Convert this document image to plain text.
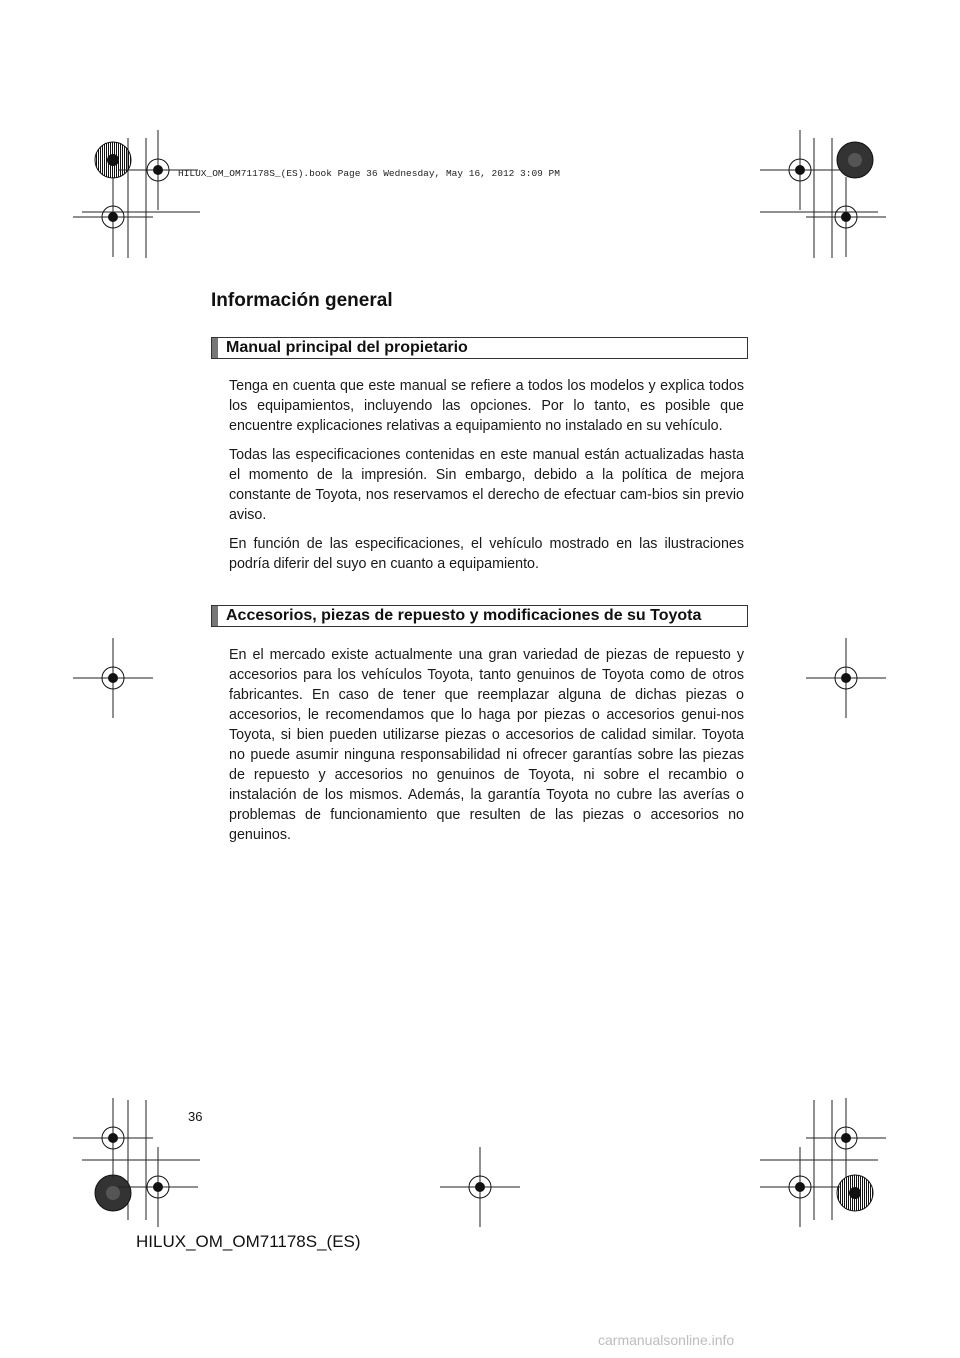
HILUX_OM_OM71178S_(ES).book Page 36 Wednesday, May 16, 2012 3:09 PM
Información general
Manual principal del propietario

Tenga en cuenta que este manual se refiere a todos los modelos y explica todos los equipamientos, incluyendo las opciones. Por lo tanto, es posible que encuentre explicaciones relativas a equipamiento no instalado en su vehículo.

Todas las especificaciones contenidas en este manual están actualizadas hasta el momento de la impresión. Sin embargo, debido a la política de mejora constante de Toyota, nos reservamos el derecho de efectuar cam-bios sin previo aviso.

En función de las especificaciones, el vehículo mostrado en las ilustraciones podría diferir del suyo en cuanto a equipamiento.

Accesorios, piezas de repuesto y modificaciones de su Toyota

En el mercado existe actualmente una gran variedad de piezas de repuesto y accesorios para los vehículos Toyota, tanto genuinos de Toyota como de otros fabricantes. En caso de tener que reemplazar alguna de dichas piezas o accesorios, le recomendamos que lo haga por piezas o accesorios genui-nos Toyota, si bien pueden utilizarse piezas o accesorios de calidad similar. Toyota no puede asumir ninguna responsabilidad ni ofrecer garantías sobre las piezas de repuesto y accesorios no genuinos de Toyota, ni sobre el recambio o instalación de los mismos. Además, la garantía Toyota no cubre las averías o problemas de funcionamiento que resulten de las piezas o accesorios no genuinos.

36
HILUX_OM_OM71178S_(ES)
carmanualsonline.info
